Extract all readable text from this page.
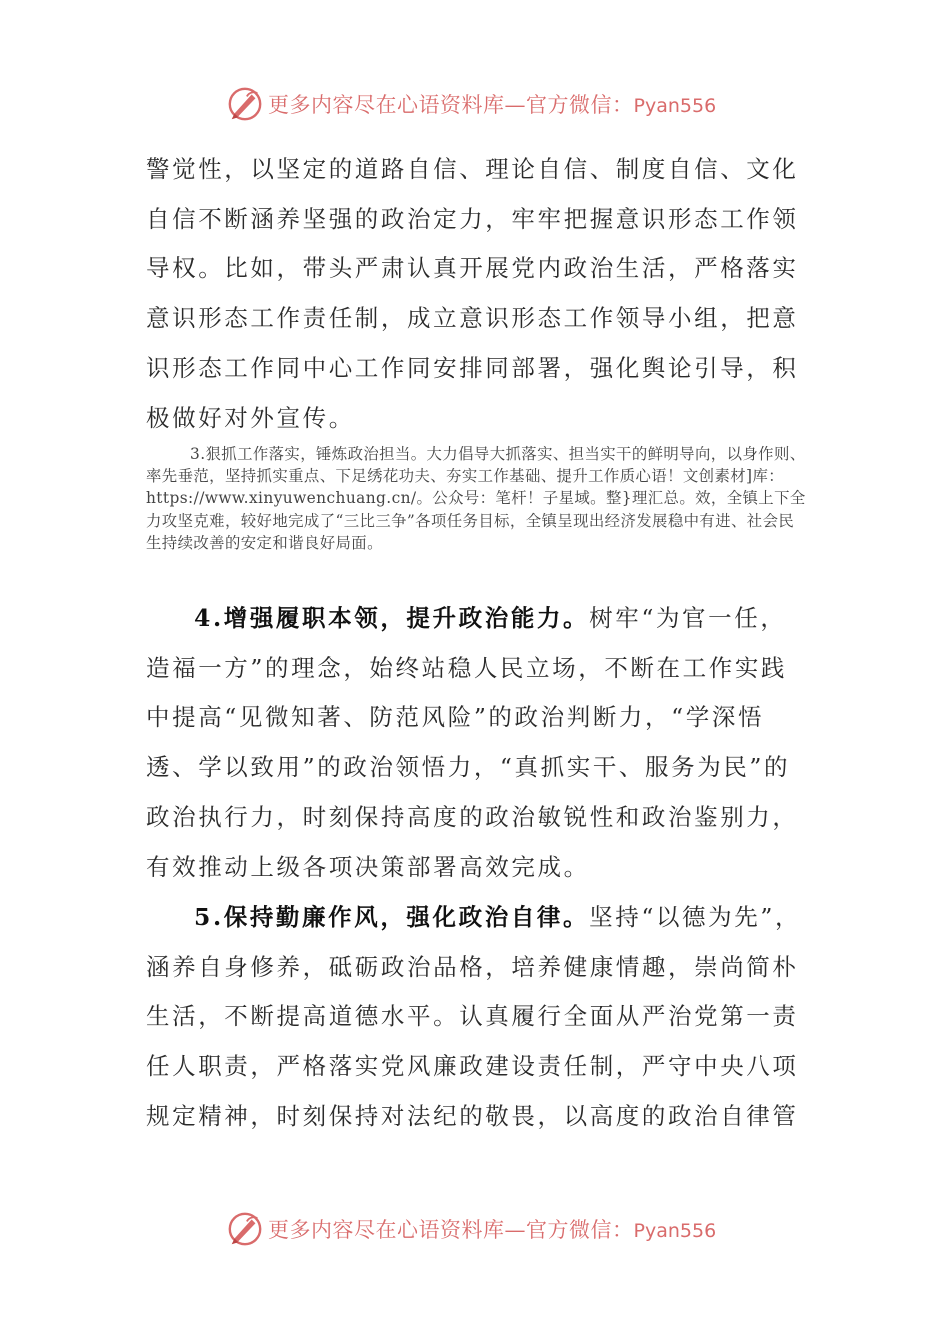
更多内容尽在心语资料库—官方微信：Pyan556
警觉性，以坚定的道路自信、理论自信、制度自信、文化
自信不断涵养坚强的政治定力，牢牢把握意识形态工作领
导权。比如，带头严肃认真开展党内政治生活，严格落实
意识形态工作责任制，成立意识形态工作领导小组，把意
识形态工作同中心工作同安排同部署，强化舆论引导，积
极做好对外宣传。

3.狠抓工作落实，锤炼政治担当。大力倡导大抓落实、担当实干的鲜明导向，以身作则、率先垂范，坚持抓实重点、下足绣花功夫、夯实工作基础、提升工作质心语！文创素材]库：https://www.xinyuwenchuang.cn/。公众号：笔杆！子星域。整}理汇总。效，全镇上下全力攻坚克难，较好地完成了“三比三争”各项任务目标，全镇呈现出经济发展稳中有进、社会民生持续改善的安定和谐良好局面。

4.增强履职本领，提升政治能力。树牢“为官一任，造福一方”的理念，始终站稳人民立场，不断在工作实践中提高“见微知著、防范风险”的政治判断力，“学深悟透、学以致用”的政治领悟力，“真抓实干、服务为民”的政治执行力，时刻保持高度的政治敏锐性和政治鉴别力，有效推动上级各项决策部署高效完成。

5.保持勤廉作风，强化政治自律。坚持“以德为先”，涵养自身修养，砥砺政治品格，培养健康情趣，崇尚简朴生活，不断提高道德水平。认真履行全面从严治党第一责任人职责，严格落实党风廉政建设责任制，严守中央八项规定精神，时刻保持对法纪的敬畏，以高度的政治自律管

更多内容尽在心语资料库—官方微信：Pyan556
